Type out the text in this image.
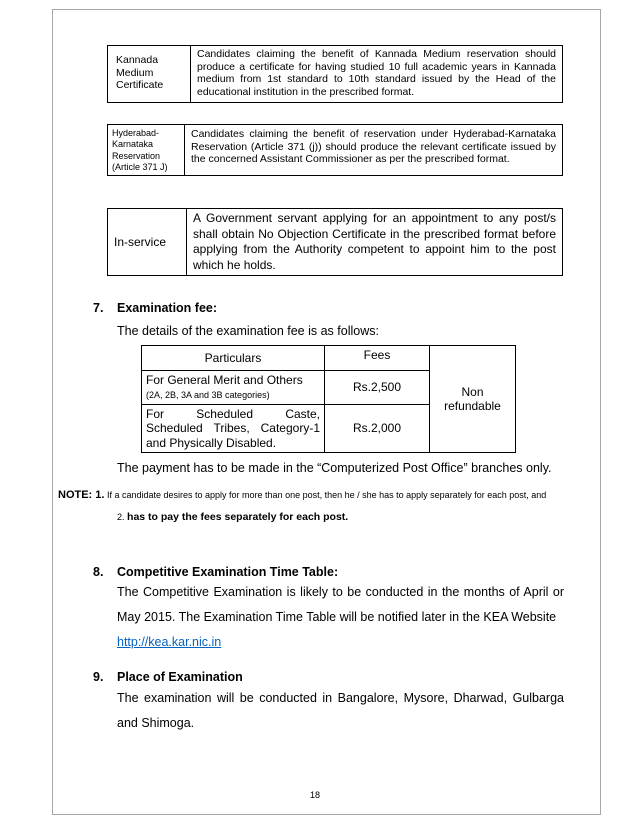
Kannada
Medium
Certificate	Candidates claiming the benefit of Kannada Medium reservation should produce a certificate for having studied 10 full academic years in Kannada medium from 1st standard to 10th standard issued by the Head of the educational institution in the prescribed format.
Hyderabad-
Karnataka
Reservation
(Article 371 J)	Candidates claiming the benefit of reservation under Hyderabad-Karnataka Reservation (Article 371 (j)) should produce the relevant certificate issued by the concerned Assistant Commissioner as per the prescribed format.
In-service	A Government servant applying for an appointment to any post/s shall obtain No Objection Certificate in the prescribed format before applying from the Authority competent to appoint him to the post which he holds.
7. Examination fee:
The details of the examination fee is as follows:
Particulars	Fees	Non refundable

For General Merit and Others
(2A, 2B, 3A and 3B categories)	Rs.2,500	
For Scheduled Caste, Scheduled Tribes, Category-1 and Physically Disabled.	Rs.2,000	
The payment has to be made in the “Computerized Post Office” branches only.
NOTE: 1. If a candidate desires to apply for more than one post, then he / she has to apply separately for each post, and
2. has to pay the fees separately for each post.
8. Competitive Examination Time Table:
The Competitive Examination is likely to be conducted in the months of April or May 2015. The Examination Time Table will be notified later in the KEA Website
http://kea.kar.nic.in
9. Place of Examination
The examination will be conducted in Bangalore, Mysore, Dharwad, Gulbarga and Shimoga.
18
